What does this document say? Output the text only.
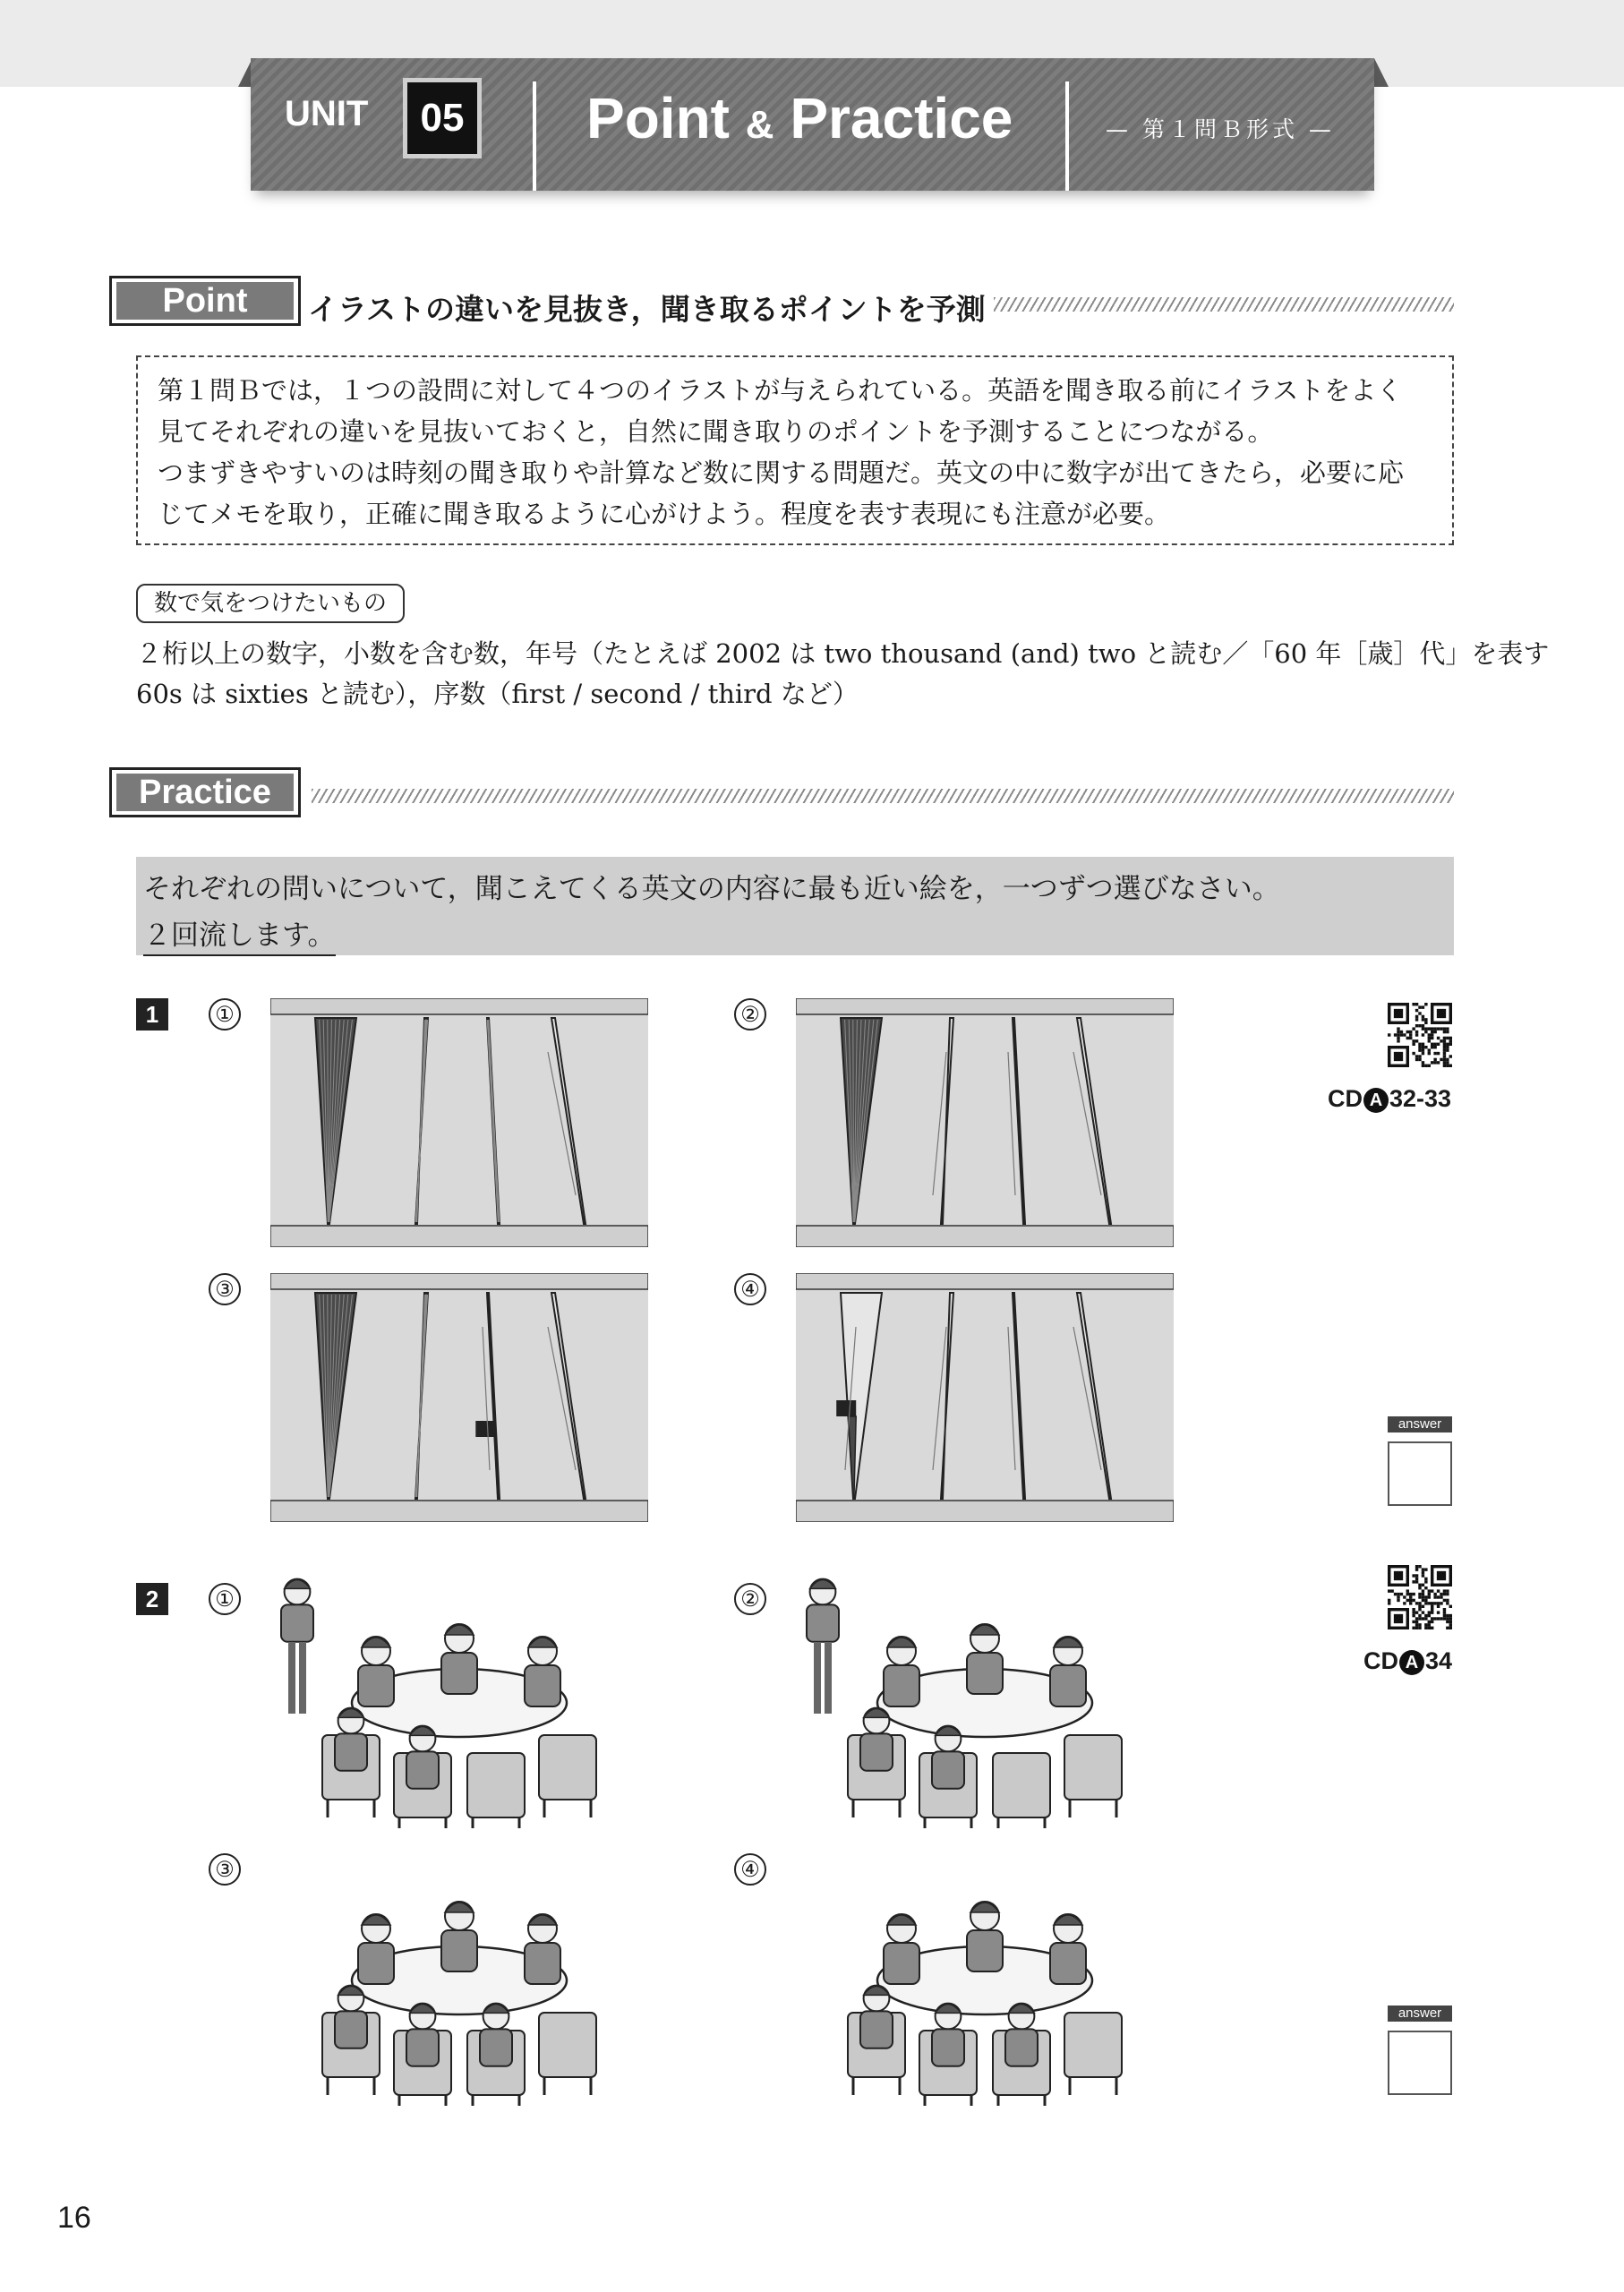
UNIT	05	Point & Practice	— 第１問Ｂ形式 —
Point	イラストの違いを見抜き，聞き取るポイントを予測

第１問Ｂでは，１つの設問に対して４つのイラストが与えられている。英語を聞き取る前にイラストをよく

見てそれぞれの違いを見抜いておくと，自然に聞き取りのポイントを予測することにつながる。

つまずきやすいのは時刻の聞き取りや計算など数に関する問題だ。英文の中に数字が出てきたら，必要に応

じてメモを取り，正確に聞き取るように心がけよう。程度を表す表現にも注意が必要。

数で気をつけたいもの
２桁以上の数字，小数を含む数，年号（たとえば 2002 は two thousand (and) two と読む／「60 年［歳］代」を表す
60s は sixties と読む），序数（first / second / third など）
Practice

それぞれの問いについて，聞こえてくる英文の内容に最も近い絵を，一つずつ選びなさい。

２回流します。

1	①	②
③	④
CD A 32-33
answer
2	①	②
③	④
CD A 34
answer
16
